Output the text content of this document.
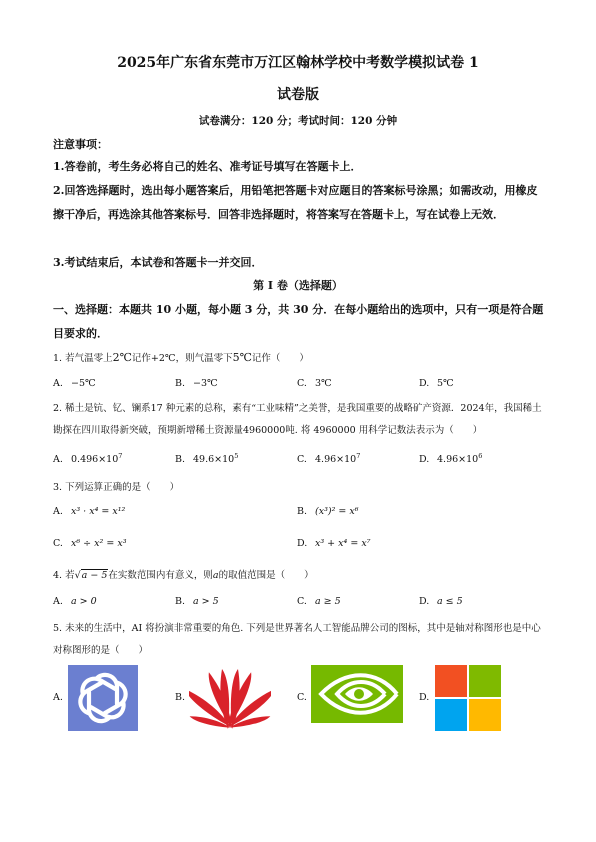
2025年广东省东莞市万江区翰林学校中考数学模拟试卷 1
试卷版
试卷满分：120 分；考试时间：120 分钟
注意事项：
1.答卷前，考生务必将自己的姓名、准考证号填写在答题卡上．
2.回答选择题时，选出每小题答案后，用铅笔把答题卡对应题目的答案标号涂黑；如需改动，用橡皮擦干净后，再选涂其他答案标号．回答非选择题时，将答案写在答题卡上，写在试卷上无效．
3.考试结束后，本试卷和答题卡一并交回．
第 I 卷（选择题）
一、选择题：本题共 10 小题，每小题 3 分，共 30 分．在每小题给出的选项中，只有一项是符合题目要求的．
1. 若气温零上2℃记作+2℃，则气温零下5℃记作（　　）
A. −5℃	B. −3℃	C. 3℃	D. 5℃
2. 稀土是钪、钇、镧系17 种元素的总称，素有“工业味精”之美誉，是我国重要的战略矿产资源．2024年，我国稀土勘探在四川取得新突破，预期新增稀土资源量4960000吨. 将 4960000 用科学记数法表示为（　　）
A. $0.496\times 10^7$	B. $49.6\times 10^5$	C. $4.96\times 10^7$	D. $4.96\times 10^6$
3. 下列运算正确的是（　　）
A. x³ · x⁴ = x¹²	B. (x³)² = x⁶
C. x⁶ ÷ x² = x³	D. x³ + x⁴ = x⁷
4. 若√a − 5在实数范围内有意义，则a的取值范围是（　　）
A. a > 0	B. a > 5	C. a ≥ 5	D. a ≤ 5
5. 未来的生活中，AI 将扮演非常重要的角色. 下列是世界著名人工智能品牌公司的图标，其中是轴对称图形也是中心对称图形的是（　　）
A.	B.	C.	D.
